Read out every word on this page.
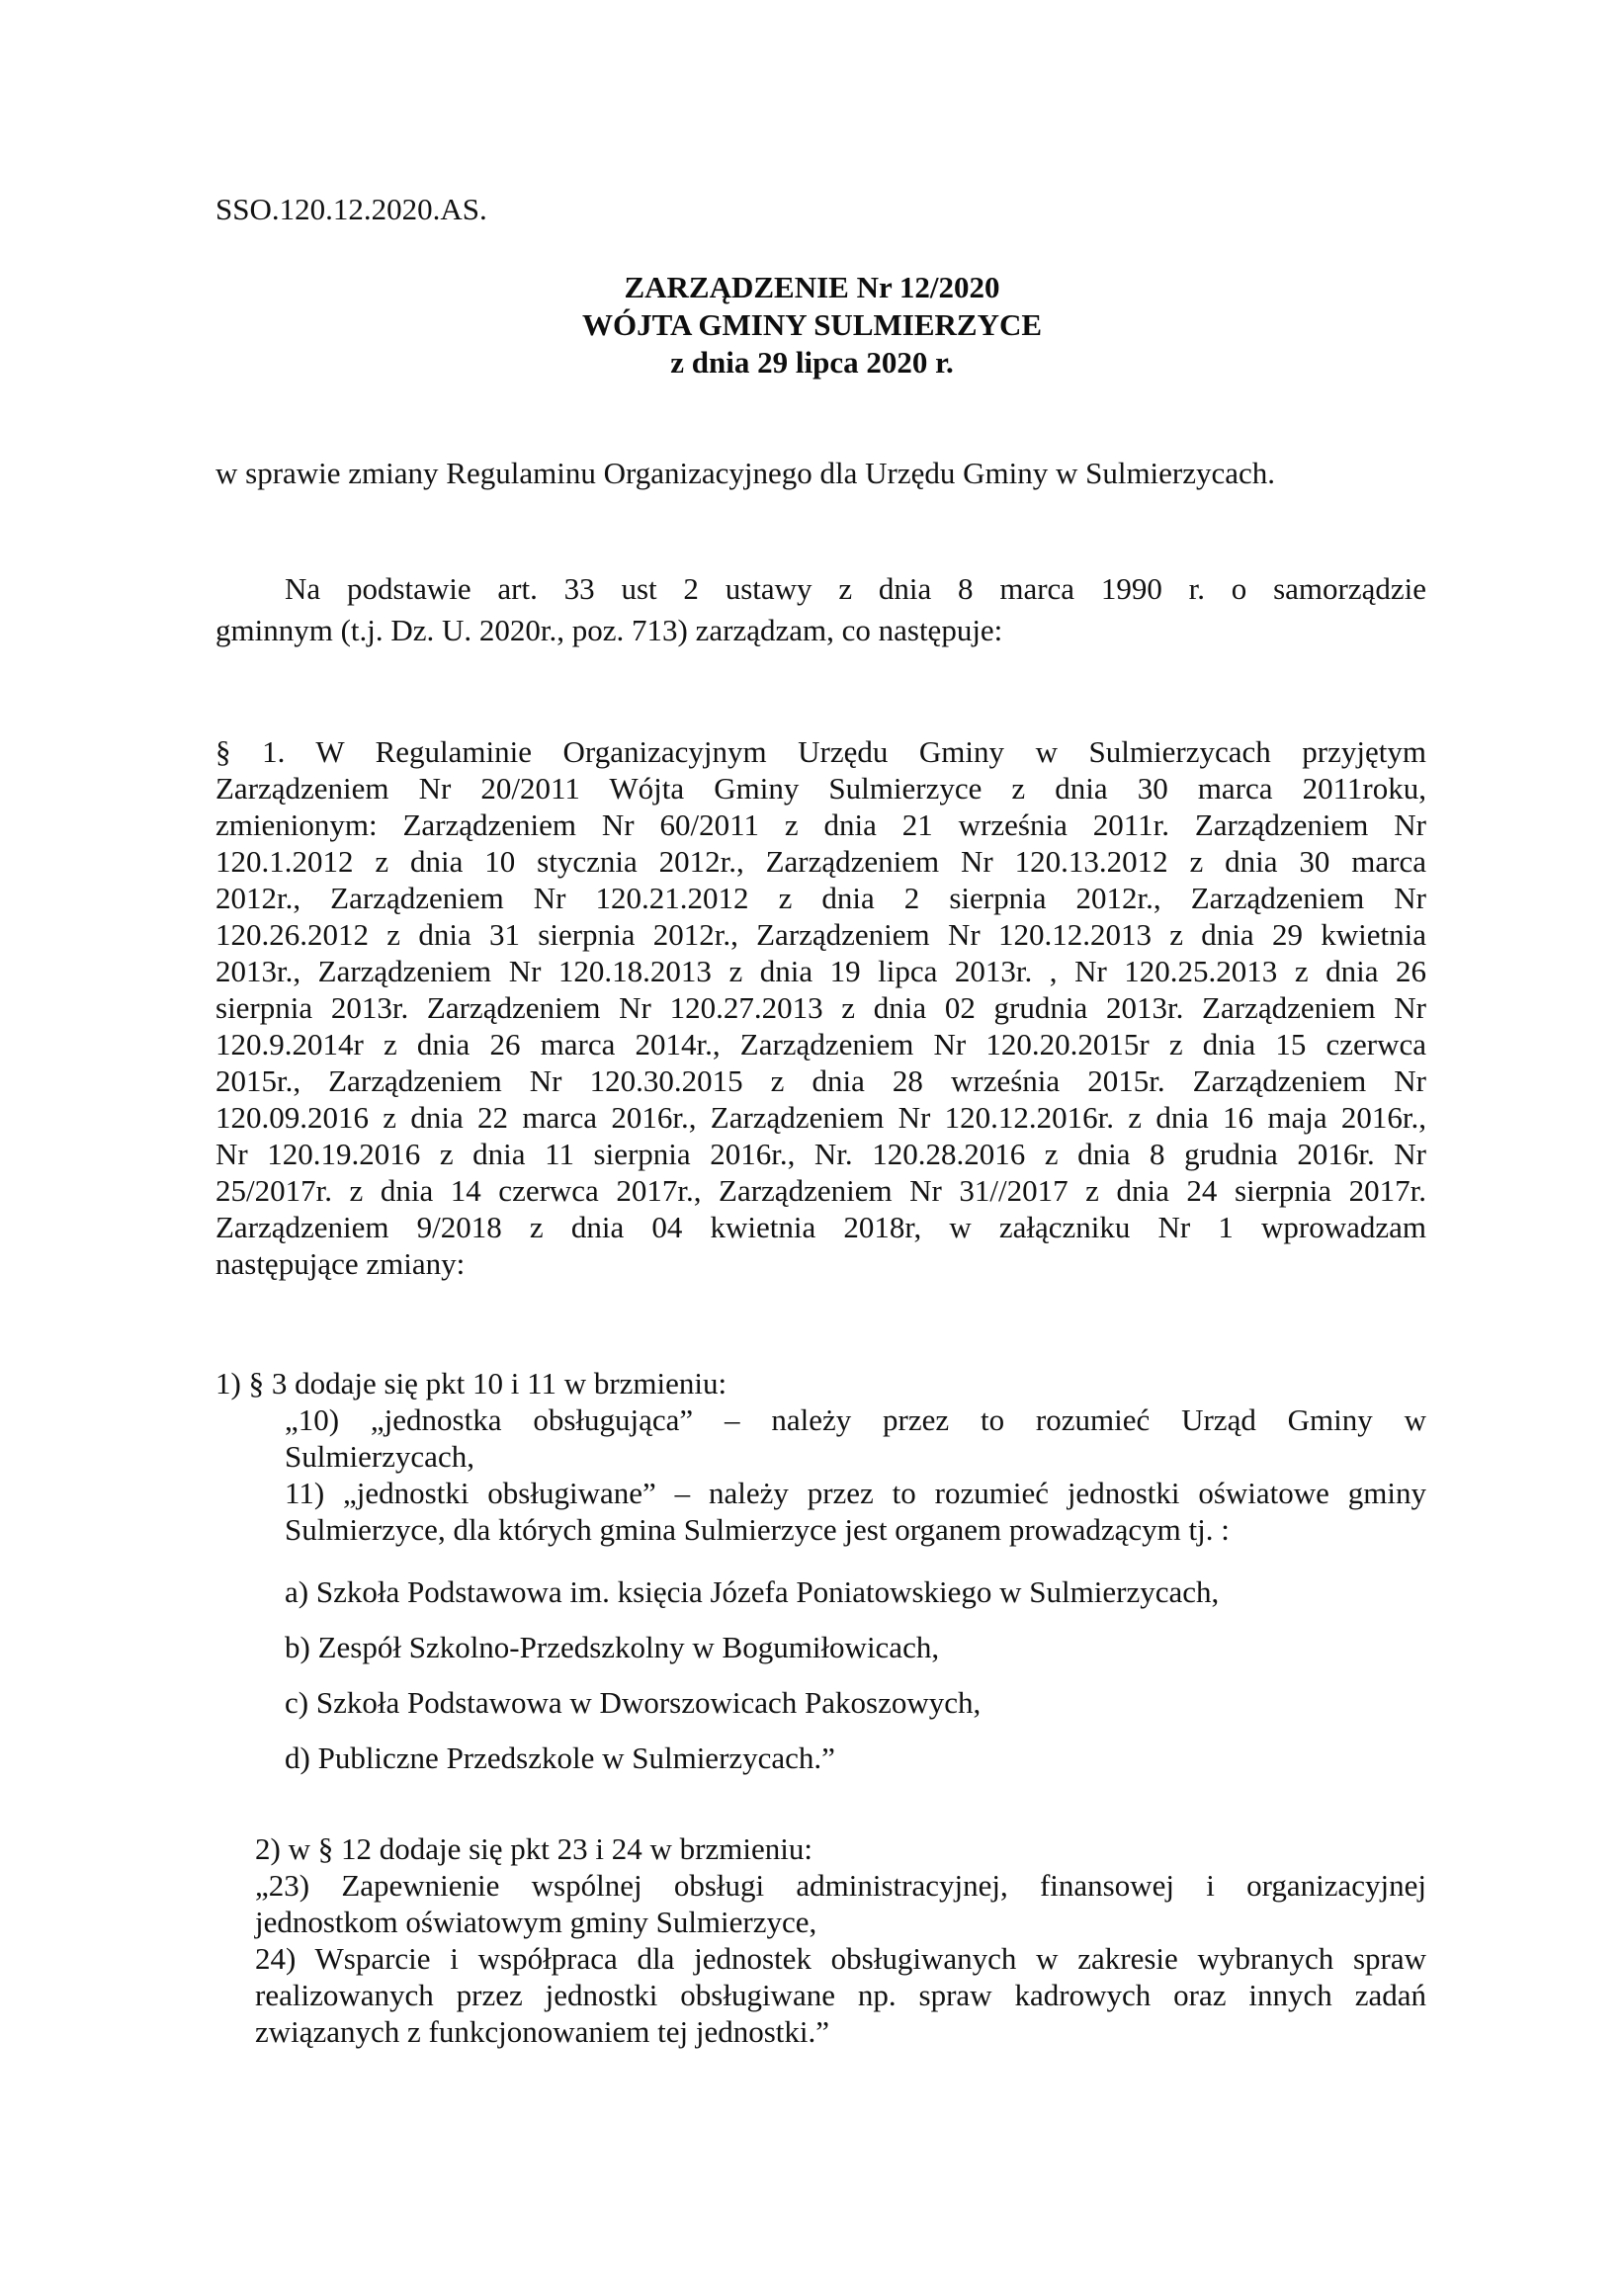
SSO.120.12.2020.AS.
ZARZĄDZENIE Nr 12/2020
WÓJTA GMINY SULMIERZYCE
z dnia 29 lipca 2020 r.
w sprawie zmiany Regulaminu Organizacyjnego dla Urzędu Gminy w Sulmierzycach.
Na podstawie art. 33 ust 2 ustawy z dnia 8 marca 1990 r. o samorządzie
gminnym (t.j. Dz. U. 2020r., poz. 713) zarządzam, co następuje:
§ 1. W Regulaminie Organizacyjnym Urzędu Gminy w Sulmierzycach przyjętym
Zarządzeniem Nr 20/2011 Wójta Gminy Sulmierzyce z dnia 30 marca 2011roku,
zmienionym: Zarządzeniem Nr 60/2011 z dnia 21 września 2011r. Zarządzeniem Nr
120.1.2012 z dnia 10 stycznia 2012r., Zarządzeniem Nr 120.13.2012 z dnia 30 marca
2012r., Zarządzeniem Nr 120.21.2012 z dnia 2 sierpnia 2012r., Zarządzeniem Nr
120.26.2012 z dnia 31 sierpnia 2012r., Zarządzeniem Nr 120.12.2013 z dnia 29 kwietnia
2013r., Zarządzeniem Nr 120.18.2013 z dnia 19 lipca 2013r. , Nr 120.25.2013 z dnia 26
sierpnia 2013r. Zarządzeniem Nr 120.27.2013 z dnia 02 grudnia 2013r. Zarządzeniem Nr
120.9.2014r z dnia 26 marca 2014r., Zarządzeniem Nr 120.20.2015r z dnia 15 czerwca
2015r., Zarządzeniem Nr 120.30.2015 z dnia 28 września 2015r. Zarządzeniem Nr
120.09.2016 z dnia 22 marca 2016r., Zarządzeniem Nr 120.12.2016r. z dnia 16 maja 2016r.,
Nr 120.19.2016 z dnia 11 sierpnia 2016r., Nr. 120.28.2016 z dnia 8 grudnia 2016r. Nr
25/2017r. z dnia 14 czerwca 2017r., Zarządzeniem Nr 31//2017 z dnia 24 sierpnia 2017r.
Zarządzeniem 9/2018 z dnia 04 kwietnia 2018r, w załączniku Nr 1 wprowadzam
następujące zmiany:
1) § 3 dodaje się pkt 10 i 11 w brzmieniu:
„10) „jednostka obsługująca” – należy przez to rozumieć Urząd Gminy w
Sulmierzycach,
11) „jednostki obsługiwane” – należy przez to rozumieć jednostki oświatowe gminy
Sulmierzyce, dla których gmina Sulmierzyce jest organem prowadzącym tj. :
a) Szkoła Podstawowa im. księcia Józefa Poniatowskiego w Sulmierzycach,
b) Zespół Szkolno-Przedszkolny w Bogumiłowicach,
c) Szkoła Podstawowa w Dworszowicach Pakoszowych,
d) Publiczne Przedszkole w Sulmierzycach.”
2) w § 12 dodaje się pkt 23 i 24 w brzmieniu:
„23) Zapewnienie wspólnej obsługi administracyjnej, finansowej i organizacyjnej
jednostkom oświatowym gminy Sulmierzyce,
24) Wsparcie i współpraca dla jednostek obsługiwanych w zakresie wybranych spraw
realizowanych przez jednostki obsługiwane np. spraw kadrowych oraz innych zadań
związanych z funkcjonowaniem tej jednostki.”
